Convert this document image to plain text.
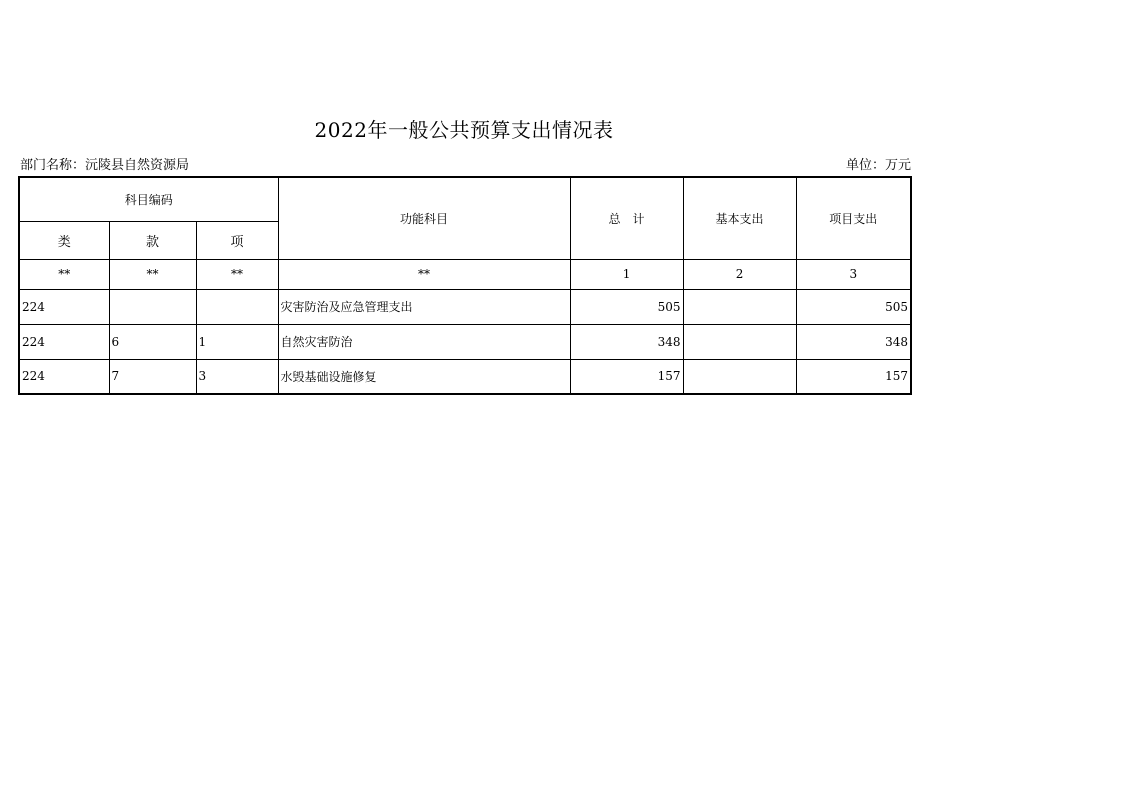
2022年一般公共预算支出情况表
部门名称：沅陵县自然资源局	单位：万元
科目编码			功能科目	总　计	基本支出	项目支出
类	款	项				
**	**	**	**	1	2	3
224			灾害防治及应急管理支出	505		505
224	6	1	自然灾害防治	348		348
224	7	3	水毁基础设施修复	157		157
